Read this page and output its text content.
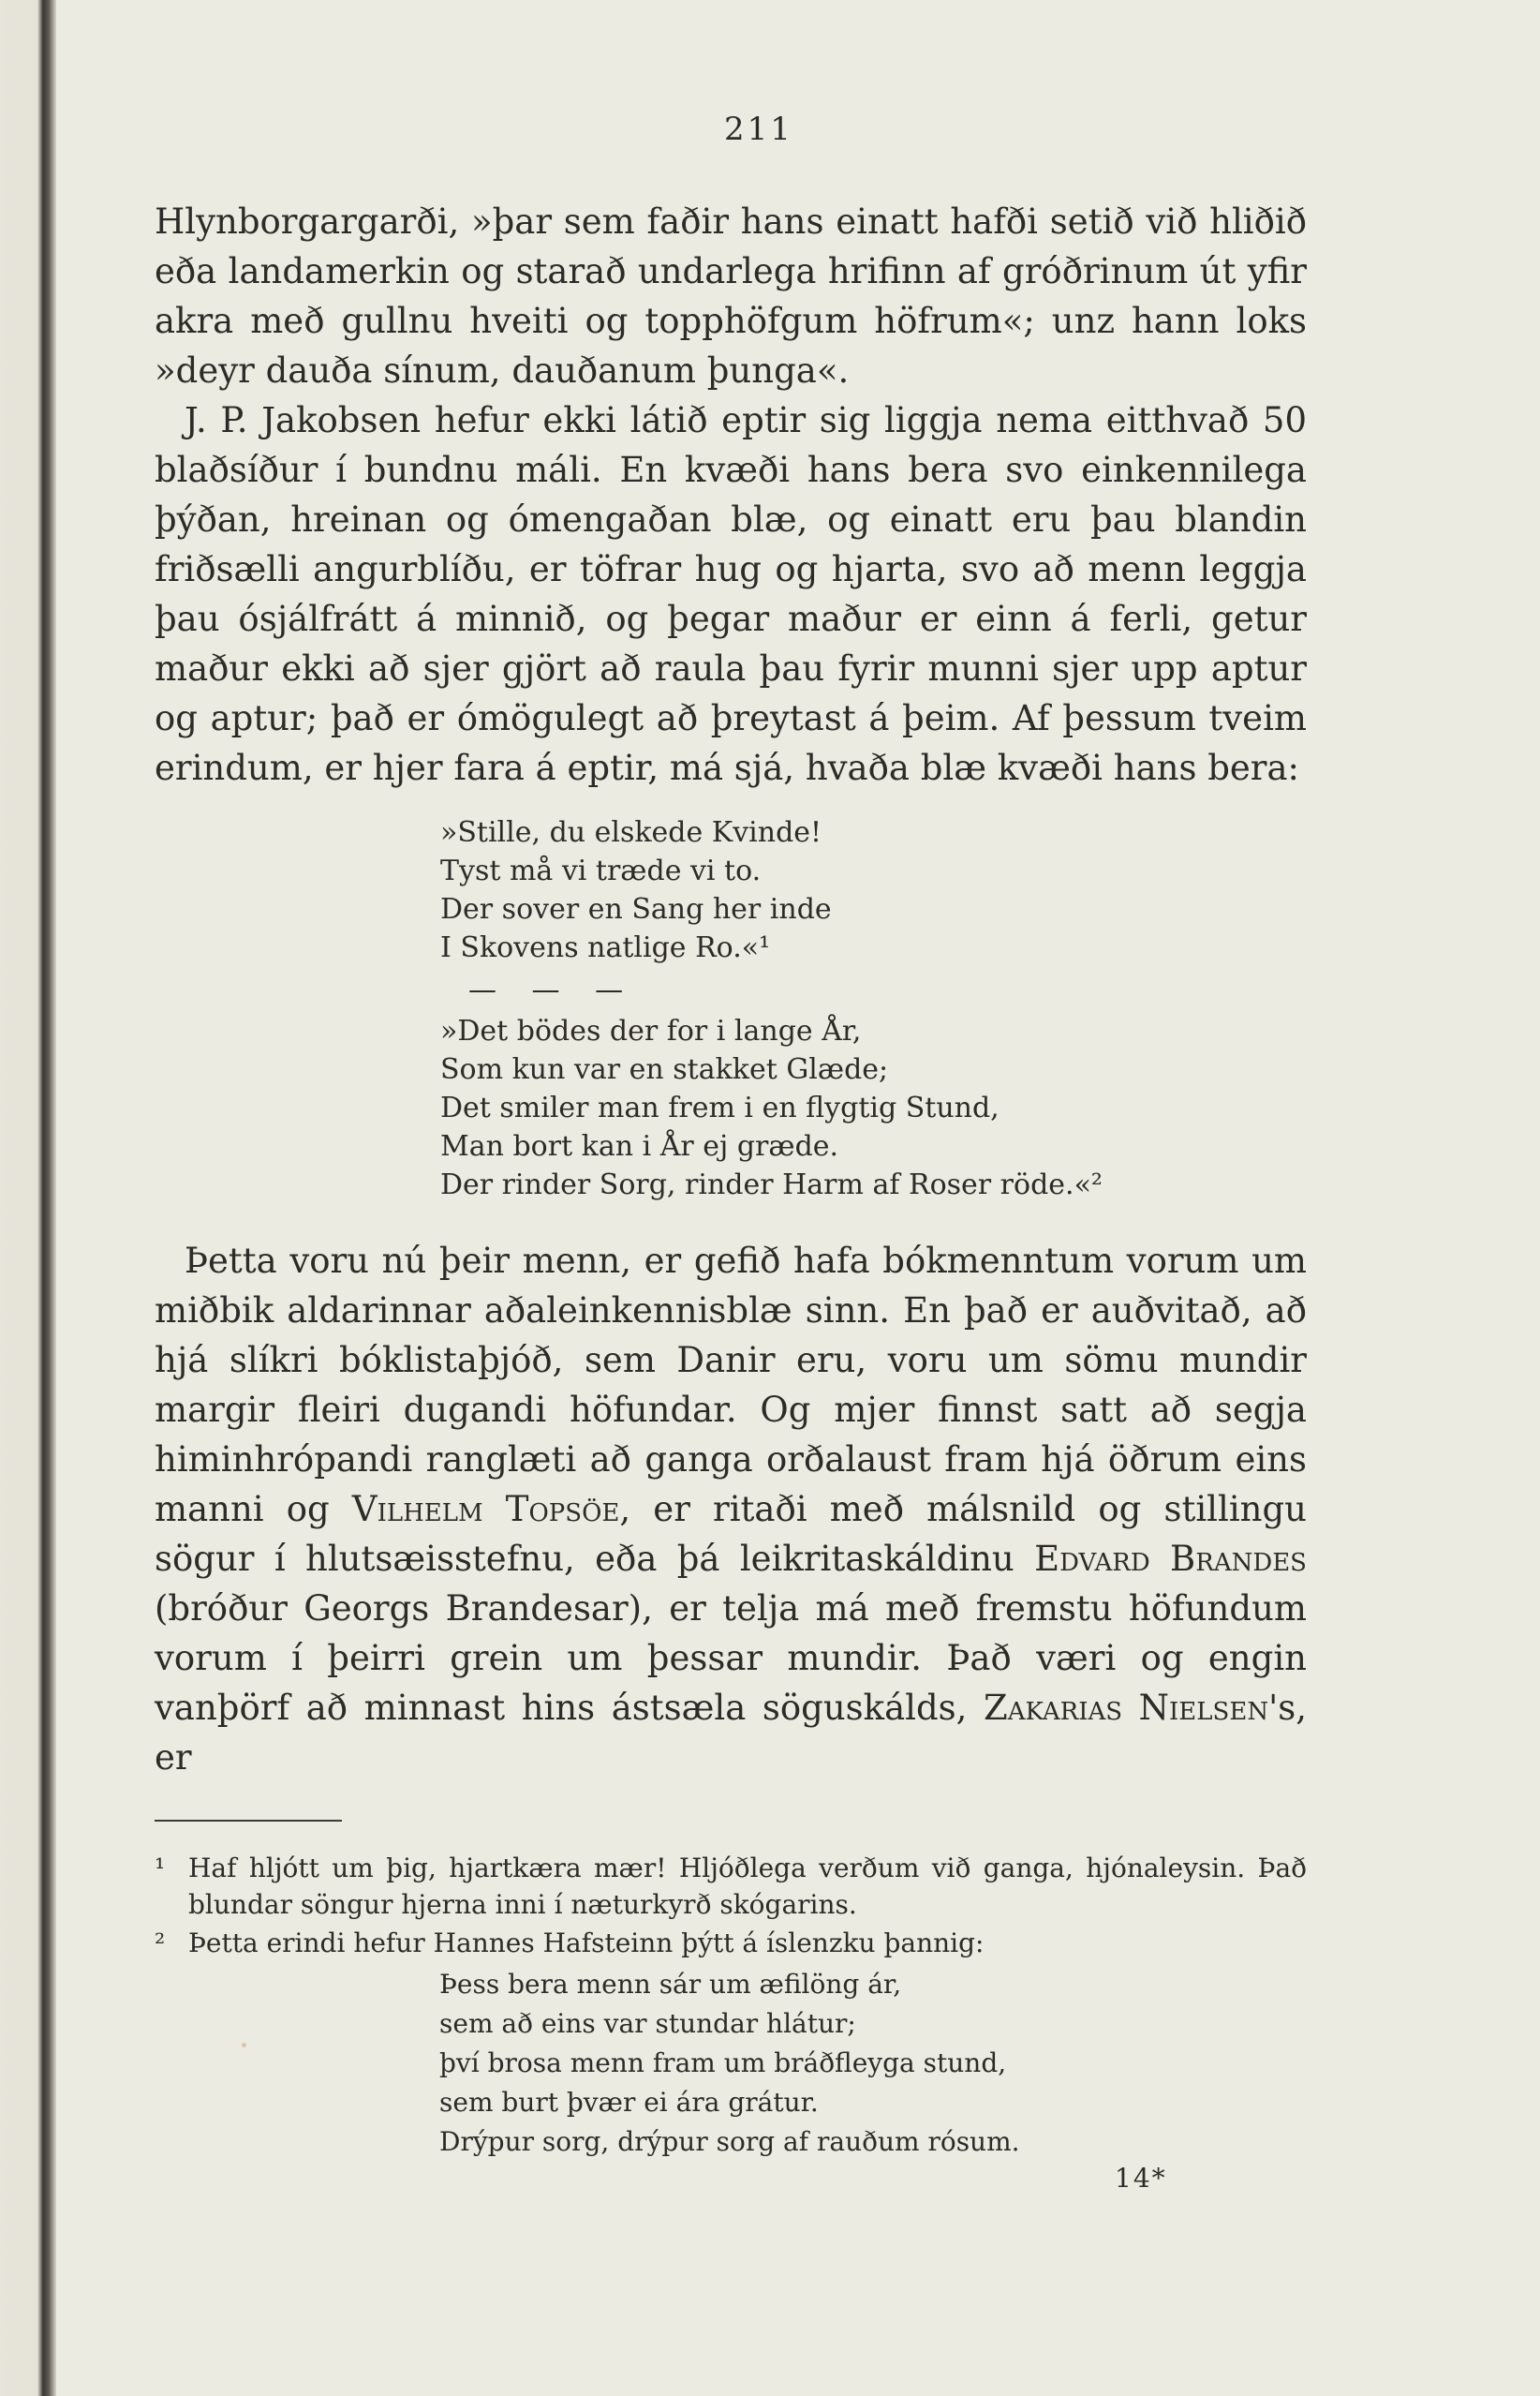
211

Hlynborgargarði, »þar sem faðir hans einatt hafði setið við hliðið eða landamerkin og starað undarlega hrifinn af gróðrinum út yfir akra með gullnu hveiti og topphöfgum höfrum«; unz hann loks »deyr dauða sínum, dauðanum þunga«.

J. P. Jakobsen hefur ekki látið eptir sig liggja nema eitthvað 50 blaðsíður í bundnu máli. En kvæði hans bera svo einkennilega þýðan, hreinan og ómengaðan blæ, og einatt eru þau blandin friðsælli angurblíðu, er töfrar hug og hjarta, svo að menn leggja þau ósjálfrátt á minnið, og þegar maður er einn á ferli, getur maður ekki að sjer gjört að raula þau fyrir munni sjer upp aptur og aptur; það er ómögulegt að þreytast á þeim. Af þessum tveim erindum, er hjer fara á eptir, má sjá, hvaða blæ kvæði hans bera:

»Stille, du elskede Kvinde!
Tyst må vi træde vi to.
Der sover en Sang her inde
I Skovens natlige Ro.«¹
— — —
»Det bödes der for i lange År,
Som kun var en stakket Glæde;
Det smiler man frem i en flygtig Stund,
Man bort kan i År ej græde.
Der rinder Sorg, rinder Harm af Roser röde.«²

Þetta voru nú þeir menn, er gefið hafa bókmenntum vorum um miðbik aldarinnar aðaleinkennisblæ sinn. En það er auðvitað, að hjá slíkri bóklistaþjóð, sem Danir eru, voru um sömu mundir margir fleiri dugandi höfundar. Og mjer finnst satt að segja himinhrópandi ranglæti að ganga orðalaust fram hjá öðrum eins manni og Vilhelm Topsöe, er ritaði með málsnild og stillingu sögur í hlutsæisstefnu, eða þá leikritaskáldinu Edvard Brandes (bróður Georgs Brandesar), er telja má með fremstu höfundum vorum í þeirri grein um þessar mundir. Það væri og engin vanþörf að minnast hins ástsæla söguskálds, Zakarias Nielsen's, er

¹ Haf hljótt um þig, hjartkæra mær! Hljóðlega verðum við ganga, hjónaleysin. Það blundar söngur hjerna inni í næturkyrð skógarins.

² Þetta erindi hefur Hannes Hafsteinn þýtt á íslenzku þannig:

Þess bera menn sár um æfilöng ár,
sem að eins var stundar hlátur;
því brosa menn fram um bráðfleyga stund,
sem burt þvær ei ára grátur.
Drýpur sorg, drýpur sorg af rauðum rósum.
14*
